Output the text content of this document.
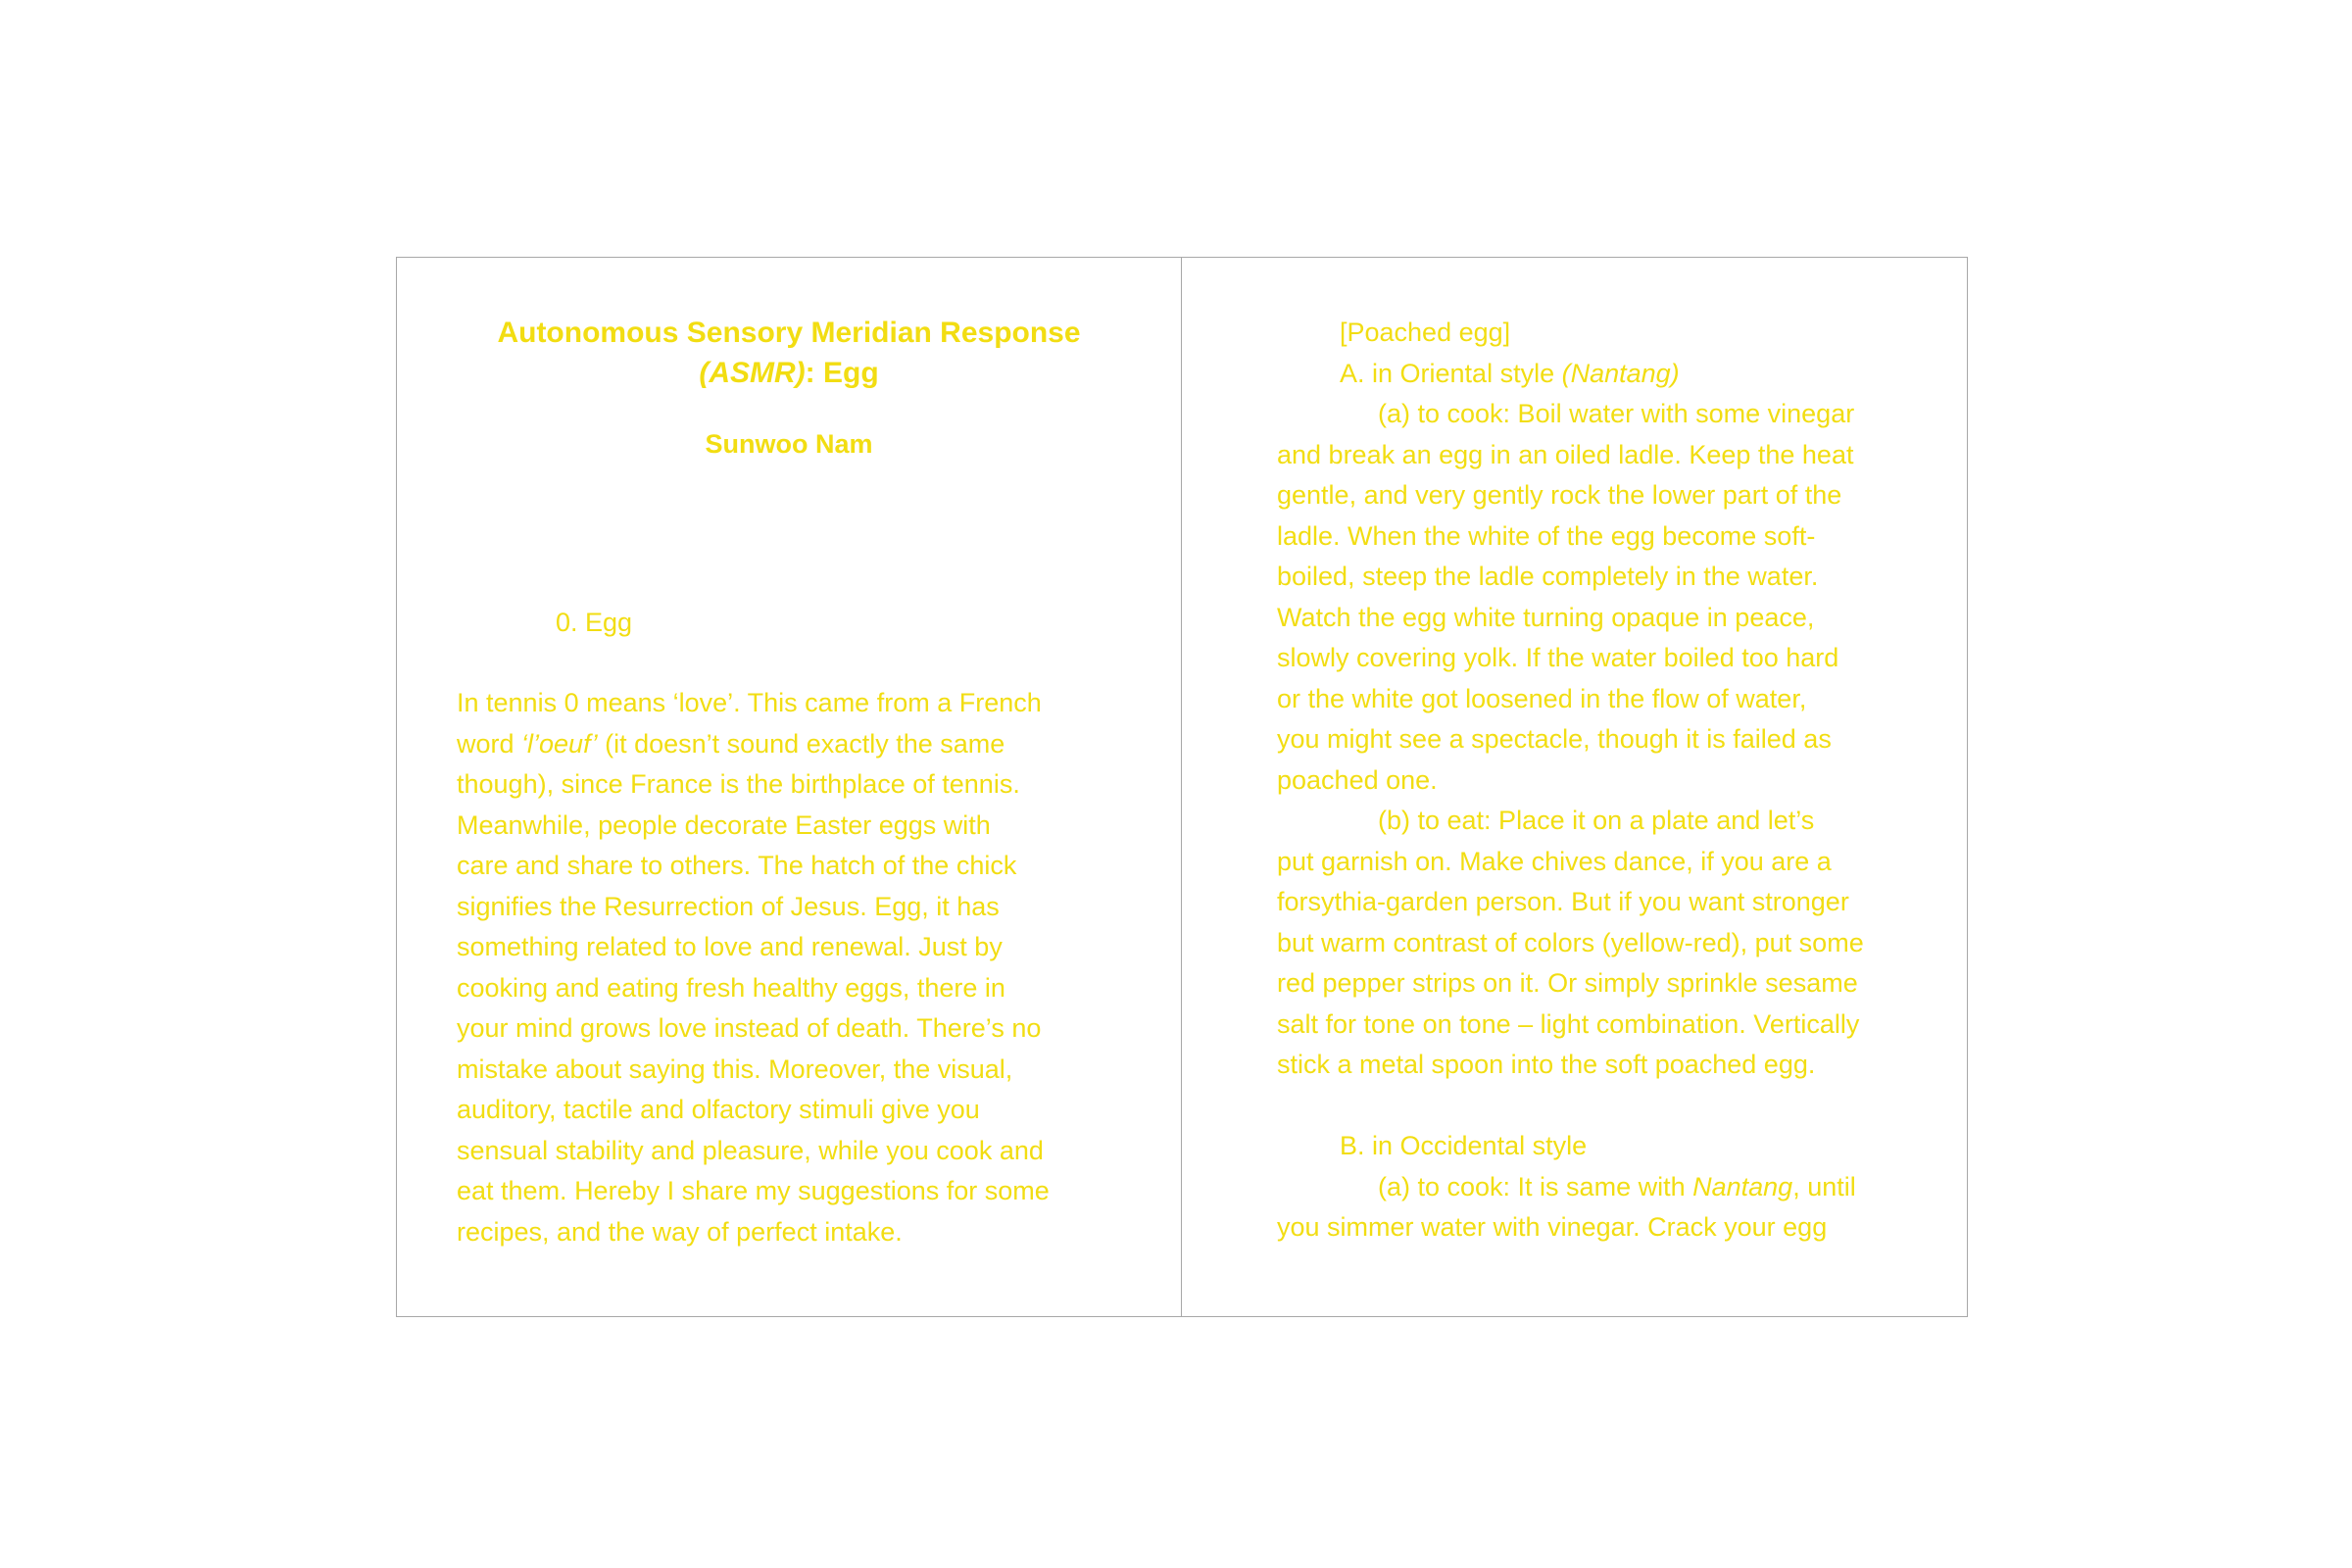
Autonomous Sensory Meridian Response
(ASMR): Egg

Sunwoo Nam

0. Egg

In tennis 0 means ‘love’. This came from a French
word ‘l’oeuf’ (it doesn’t sound exactly the same
though), since France is the birthplace of tennis.
Meanwhile, people decorate Easter eggs with
care and share to others. The hatch of the chick
signifies the Resurrection of Jesus. Egg, it has
something related to love and renewal. Just by
cooking and eating fresh healthy eggs, there in
your mind grows love instead of death. There’s no
mistake about saying this. Moreover, the visual,
auditory, tactile and olfactory stimuli give you
sensual stability and pleasure, while you cook and
eat them. Hereby I share my suggestions for some
recipes, and the way of perfect intake.

[Poached egg]
A. in Oriental style (Nantang)
(a) to cook: Boil water with some vinegar
and break an egg in an oiled ladle. Keep the heat
gentle, and very gently rock the lower part of the
ladle. When the white of the egg become soft-
boiled, steep the ladle completely in the water.
Watch the egg white turning opaque in peace,
slowly covering yolk. If the water boiled too hard
or the white got loosened in the flow of water,
you might see a spectacle, though it is failed as
poached one.
(b) to eat: Place it on a plate and let’s
put garnish on. Make chives dance, if you are a
forsythia-garden person. But if you want stronger
but warm contrast of colors (yellow-red), put some
red pepper strips on it. Or simply sprinkle sesame
salt for tone on tone – light combination. Vertically
stick a metal spoon into the soft poached egg.
B. in Occidental style
(a) to cook: It is same with Nantang, until
you simmer water with vinegar. Crack your egg
